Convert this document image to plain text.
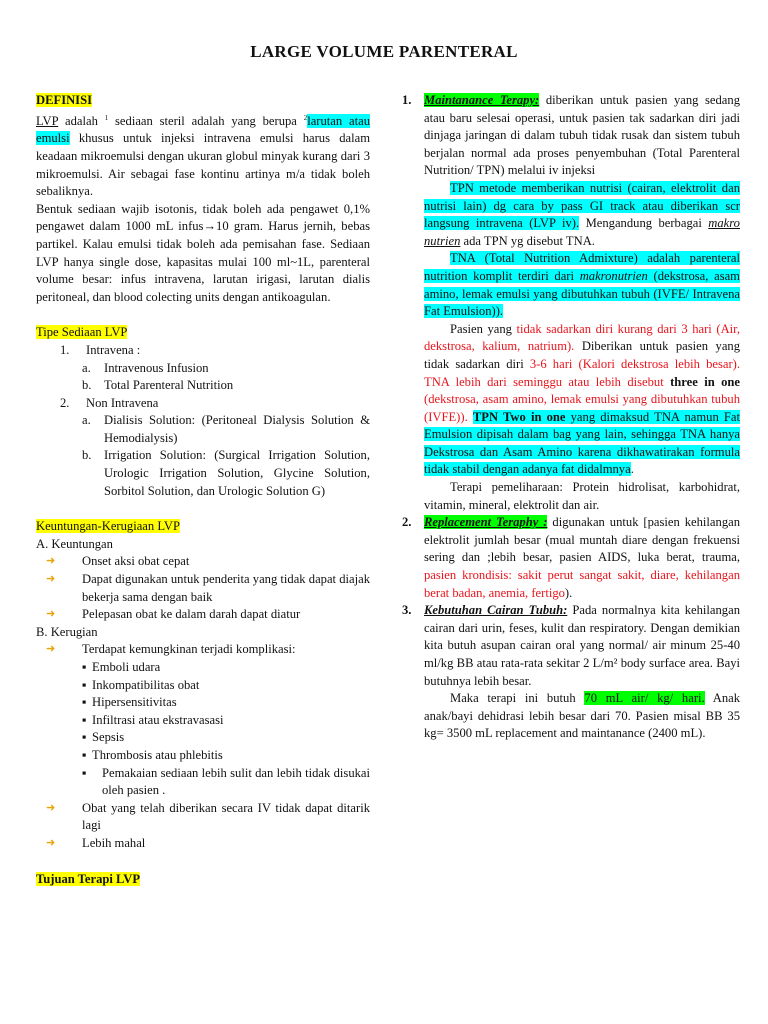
LARGE VOLUME PARENTERAL

DEFINISI

LVP adalah $^1$ sediaan steril adalah yang berupa $^2$larutan atau emulsi khusus untuk injeksi intravena emulsi harus dalam keadaan mikroemulsi dengan ukuran globul minyak kurang dari 3 mikroemulsi. Air sebagai fase kontinu artinya m/a tidak boleh sebaliknya.

Bentuk sediaan wajib isotonis, tidak boleh ada pengawet 0,1% pengawet dalam 1000 mL infus→10 gram. Harus jernih, bebas partikel. Kalau emulsi tidak boleh ada pemisahan fase. Sediaan LVP hanya single dose, kapasitas mulai 100 ml~1L, parenteral volume besar: infus intravena, larutan irigasi, larutan dialis peritoneal, dan blood colecting units dengan antikoagulan.

Tipe Sediaan LVP

1.	Intravena :
a.	Intravenous Infusion
b. Total Parenteral Nutrition
2.	Non Intravena
a.	Dialisis Solution: (Peritoneal Dialysis Solution & Hemodialysis)
b. Irrigation Solution: (Surgical Irrigation Solution, Urologic Irrigation Solution, Glycine Solution, Sorbitol Solution, dan Urologic Solution G)

Keuntungan-Kerugiaan LVP

A. Keuntungan

➜	Onset aksi obat cepat
➜	Dapat digunakan untuk penderita yang tidak dapat diajak bekerja sama dengan baik
➜	Pelepasan obat ke dalam darah dapat diatur

B. Kerugian

➜	Terdapat kemungkinan terjadi komplikasi:
▪ Emboli udara
▪ Inkompatibilitas obat
▪ Hipersensitivitas
▪ Infiltrasi atau ekstravasasi
▪ Sepsis
▪ Thrombosis atau phlebitis
▪	Pemakaian sediaan lebih sulit dan lebih tidak disukai oleh pasien .
➜	Obat yang telah diberikan secara IV tidak dapat ditarik lagi
➜	Lebih mahal

Tujuan Terapi LVP

1. Maintanance Terapy: diberikan untuk pasien yang sedang atau baru selesai operasi, untuk pasien tak sadarkan diri jadi dinjaga jaringan di dalam tubuh tidak rusak dan sistem tubuh berjalan normal ada proses penyembuhan (Total Parenteral Nutrition/ TPN) melalui iv injeksi

TPN metode memberikan nutrisi (cairan, elektrolit dan nutrisi lain) dg cara by pass GI track atau diberikan scr langsung intravena (LVP iv). Mengandung berbagai makro nutrien ada TPN yg disebut TNA.

TNA (Total Nutrition Admixture) adalah parenteral nutrition komplit terdiri dari makronutrien (dekstrosa, asam amino, lemak emulsi yang dibutuhkan tubuh (IVFE/ Intravena Fat Emulsion)).

Pasien yang tidak sadarkan diri kurang dari 3 hari (Air, dekstrosa, kalium, natrium). Diberikan untuk pasien yang tidak sadarkan diri 3-6 hari (Kalori dekstrosa lebih besar). TNA lebih dari seminggu atau lebih disebut three in one (dekstrosa, asam amino, lemak emulsi yang dibutuhkan tubuh (IVFE)). TPN Two in one yang dimaksud TNA namun Fat Emulsion dipisah dalam bag yang lain, sehingga TNA hanya Dekstrosa dan Asam Amino karena dikhawatirakan formula tidak stabil dengan adanya fat didalmnya.

Terapi pemeliharaan: Protein hidrolisat, karbohidrat, vitamin, mineral, elektrolit dan air.

2. Replacement Teraphy : digunakan untuk [pasien kehilangan elektrolit jumlah besar (mual muntah diare dengan frekuensi sering dan ;lebih besar, pasien AIDS, luka berat, trauma, pasien krondisis: sakit perut sangat sakit, diare, kehilangan berat badan, anemia, fertigo).

3. Kebutuhan Cairan Tubuh: Pada normalnya kita kehilangan cairan dari urin, feses, kulit dan respiratory. Dengan demikian kita butuh asupan cairan oral yang normal/ air minum 25-40 ml/kg BB atau rata-rata sekitar 2 L/m² body surface area. Bayi butuhnya lebih besar.

Maka terapi ini butuh 70 mL air/ kg/ hari. Anak anak/bayi dehidrasi lebih besar dari 70. Pasien misal BB 35 kg= 3500 mL replacement and maintanance (2400 mL).
